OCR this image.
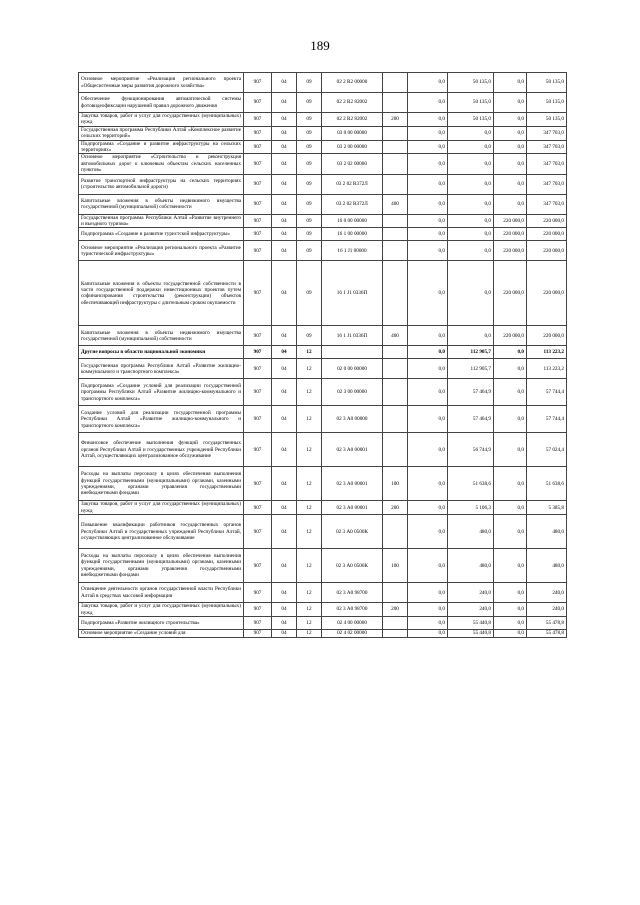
189
Основное мероприятие «Реализация регионального проекта «Общесистемные меры развития дорожного хозяйства»	907	04	09	02 2 R2 00000		0,0	50 135,0	0,0	50 135,0
Обеспечение функционирования автоматической системы фотовидеофиксации нарушений правил дорожного движения	907	04	09	02 2 R2 82002		0,0	50 135,0	0,0	50 135,0
Закупка товаров, работ и услуг для государственных (муниципальных) нужд	907	04	09	02 2 R2 82002	200	0,0	50 135,0	0,0	50 135,0
Государственная программа Республики Алтай «Комплексное развитие сельских территорий»	907	04	09	03 0 00 00000		0,0	0,0	0,0	347 703,0
Подпрограмма «Создание и развитие инфраструктуры на сельских территориях»	907	04	09	03 2 00 00000		0,0	0,0	0,0	347 703,0
Основное мероприятие «Строительство и реконструкция автомобильных дорог к ключевым объектам сельских населенных пунктов»	907	04	09	03 2 02 00000		0,0	0,0	0,0	347 703,0
Развитие транспортной инфраструктуры на сельских территориях (строительство автомобильной дороги)	907	04	09	03 2 02 R372Л		0,0	0,0	0,0	347 703,0
Капитальные вложения в объекты недвижимого имущества государственной (муниципальной) собственности	907	04	09	03 2 02 R372Л	400	0,0	0,0	0,0	347 703,0
Государственная программа Республики Алтай «Развитие внутреннего и въездного туризма»	907	04	09	16 0 00 00000		0,0	0,0	220 000,0	220 000,0
Подпрограмма «Создание и развитие туристской инфраструктуры»	907	04	09	16 1 00 00000		0,0	0,0	220 000,0	220 000,0
Основное мероприятие «Реализация регионального проекта «Развитие туристической инфраструктуры»	907	04	09	16 1 J1 00000		0,0	0,0	220 000,0	220 000,0
Капитальные вложения в объекты государственной собственности в части государственной поддержки инвестиционных проектов путем софинансирования строительства (реконструкции) объектов обеспечивающей инфраструктуры с длительным сроком окупаемости	907	04	09	16 1 J1 0336П		0,0	0,0	220 000,0	220 000,0
Капитальные вложения в объекты недвижимого имущества государственной (муниципальной) собственности	907	04	09	16 1 J1 0336П	400	0,0	0,0	220 000,0	220 000,0
Другие вопросы в области национальной экономики	907	04	12			0,0	112 905,7	0,0	113 223,2
Государственная программа Республики Алтай «Развитие жилищно-коммунального и транспортного комплекса»	907	04	12	02 0 00 00000		0,0	112 905,7	0,0	113 223,2
Подпрограмма «Создание условий для реализации государственной программы Республики Алтай «Развитие жилищно-коммунального и транспортного комплекса»	907	04	12	02 3 00 00000		0,0	57 464,9	0,0	57 744,4
Создание условий для реализации государственной программы Республики Алтай «Развитие жилищно-коммунального и транспортного комплекса»	907	04	12	02 3 А0 00000		0,0	57 464,9	0,0	57 744,4
Финансовое обеспечение выполнения функций государственных органов Республики Алтай и государственных учреждений Республики Алтай, осуществляющих централизованное обслуживание	907	04	12	02 3 А0 00001		0,0	56 744,9	0,0	57 024,4
Расходы на выплаты персоналу в целях обеспечения выполнения функций государственными (муниципальными) органами, казенными учреждениями, органами управления государственными внебюджетными фондами	907	04	12	02 3 А0 00001	100	0,0	51 638,6	0,0	51 638,6
Закупка товаров, работ и услуг для государственных (муниципальных) нужд	907	04	12	02 3 А0 00001	200	0,0	5 106,3	0,0	5 385,8
Повышение квалификации работников государственных органов Республики Алтай и государственных учреждений Республики Алтай, осуществляющих централизованное обслуживание	907	04	12	02 3 А0 0500К		0,0	480,0	0,0	480,0
Расходы на выплаты персоналу в целях обеспечения выполнения функций государственными (муниципальными) органами, казенными учреждениями, органами управления государственными внебюджетными фондами	907	04	12	02 3 А0 0500К	100	0,0	480,0	0,0	480,0
Освещение деятельности органов государственной власти Республики Алтай в средствах массовой информации	907	04	12	02 3 А0 98700		0,0	240,0	0,0	240,0
Закупка товаров, работ и услуг для государственных (муниципальных) нужд	907	04	12	02 3 А0 98700	200	0,0	240,0	0,0	240,0
Подпрограмма «Развитие жилищного строительства»	907	04	12	02 4 00 00000		0,0	55 440,8	0,0	55 478,8
Основное мероприятие «Создание условий для	907	04	12	02 4 02 00000		0,0	55 440,8	0,0	55 478,8
